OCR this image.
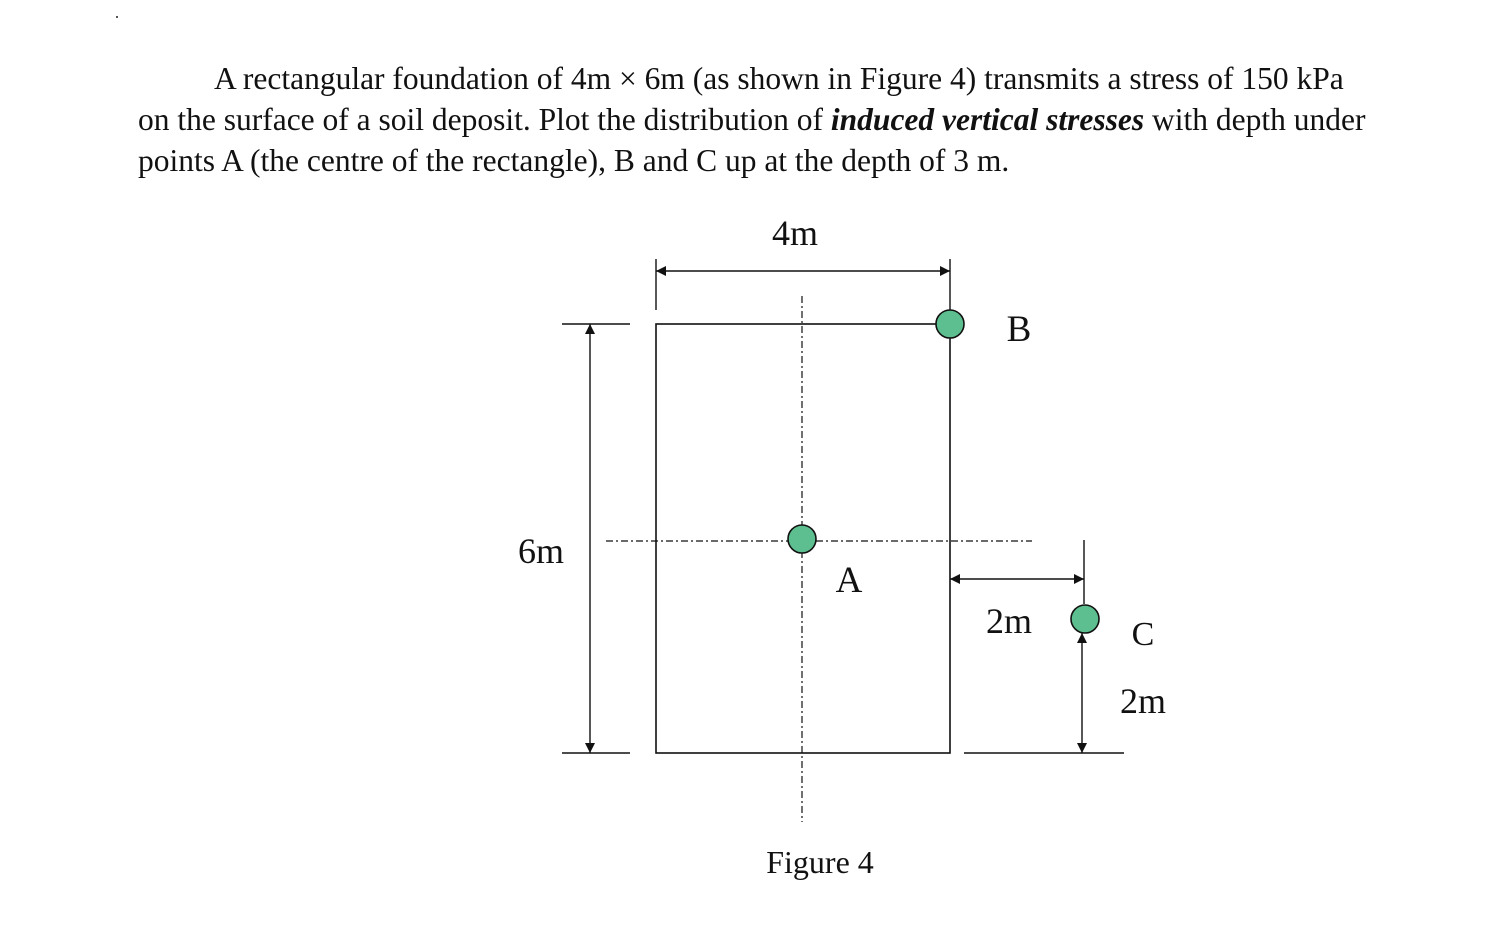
A rectangular foundation of 4m × 6m (as shown in Figure 4) transmits a stress of 150 kPa
on the surface of a soil deposit. Plot the distribution of induced vertical stresses with depth under
points A (the centre of the rectangle), B and C up at the depth of 3 m.
4m
6m
A
B
2m
2m
C
Figure 4
